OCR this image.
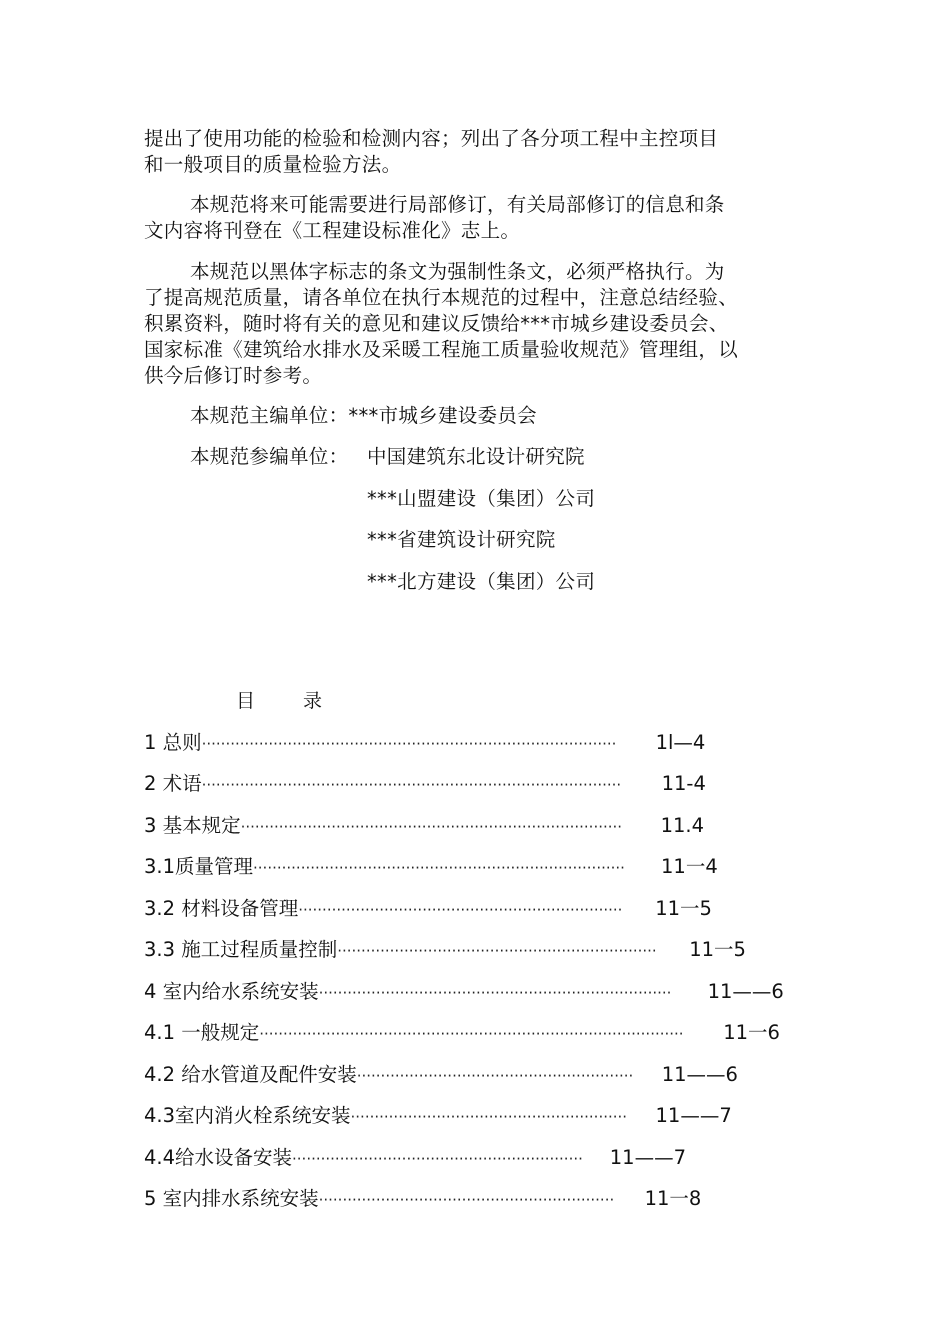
提出了使用功能的检验和检测内容；列出了各分项工程中主控项目
和一般项目的质量检验方法。

本规范将来可能需要进行局部修订，有关局部修订的信息和条
文内容将刊登在《工程建设标准化》志上。

本规范以黑体字标志的条文为强制性条文，必须严格执行。为
了提高规范质量，请各单位在执行本规范的过程中，注意总结经验、
积累资料，随时将有关的意见和建议反馈给***市城乡建设委员会、
国家标准《建筑给水排水及采暖工程施工质量验收规范》管理组，以
供今后修订时参考。

本规范主编单位：***市城乡建设委员会
本规范参编单位： 中国建筑东北设计研究院
***山盟建设（集团）公司
***省建筑设计研究院
***北方建设（集团）公司
目	录
1 总则 ·······················································································	1l—4
2 术语 ························································································	11-4
3 基本规定 ················································································	11.4
3.1质量管理 ··············································································	11一4
3.2 材料设备管理 ····································································	11一5
3.3 施工过程质量控制 ···································································	11一5
4 室内给水系统安装 ··········································································	11——6
4.1 一般规定 ·························································································	11一6
4.2 给水管道及配件安装 ··························································	11——6
4.3室内消火栓系统安装 ··························································	11——7
4.4给水设备安装 ·····························································	11——7
5 室内排水系统安装 ······························································	11一8
